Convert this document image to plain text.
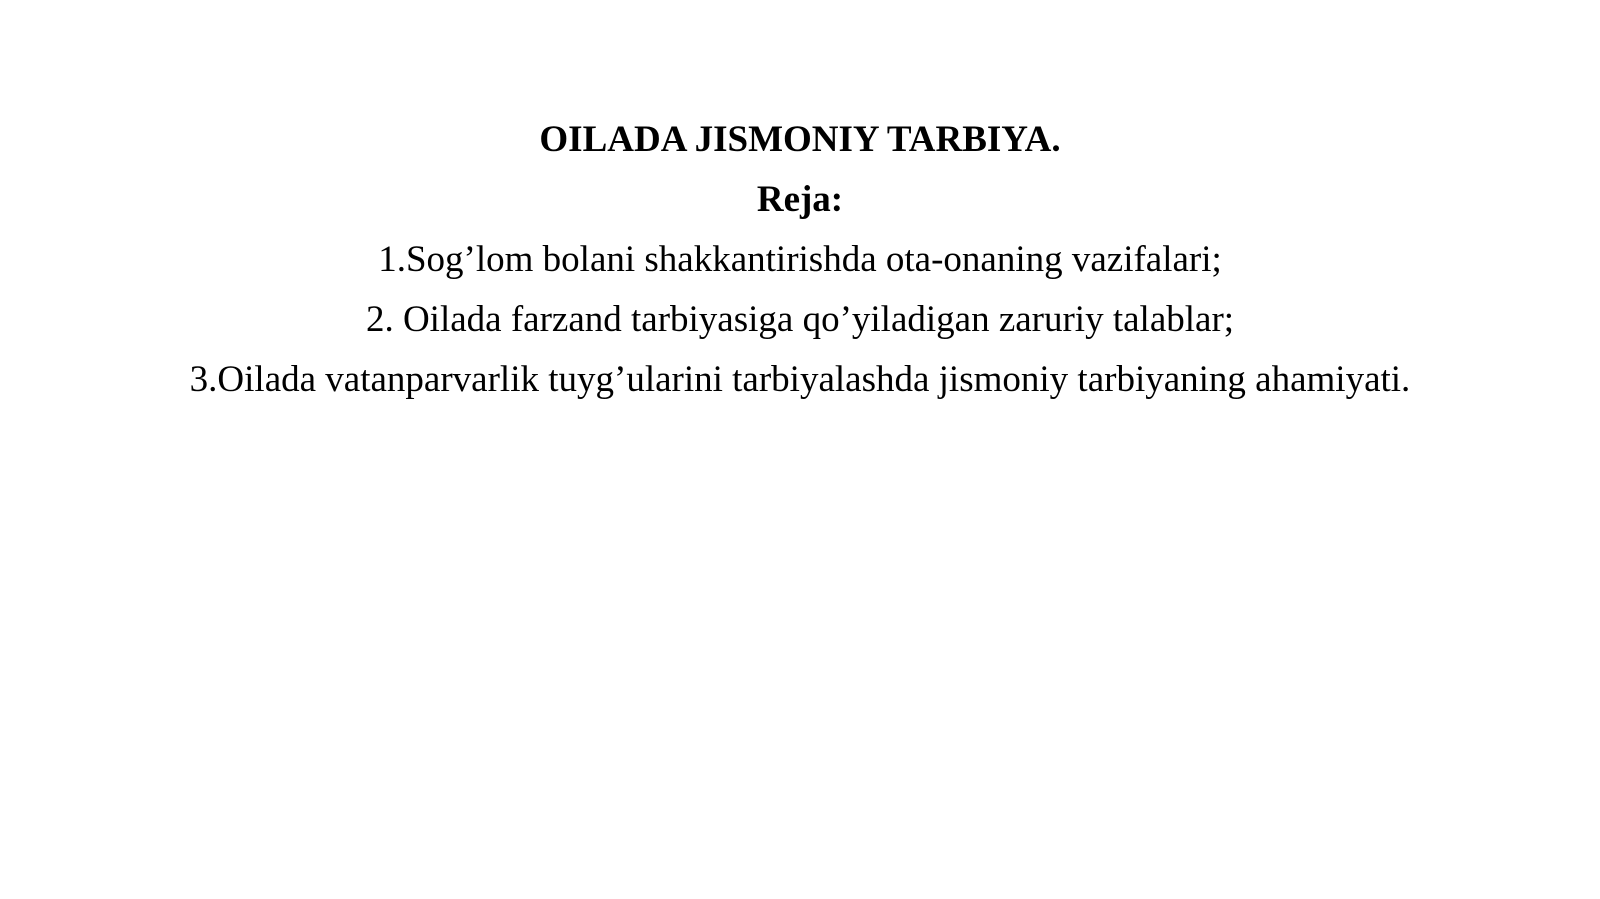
OILADA JISMONIY TARBIYA.
Reja:
1.Sog’lom bolani shakkantirishda ota-onaning vazifalari;
2. Oilada farzand tarbiyasiga qo’yiladigan zaruriy talablar;
3.Oilada vatanparvarlik tuyg’ularini tarbiyalashda jismoniy tarbiyaning ahamiyati.
